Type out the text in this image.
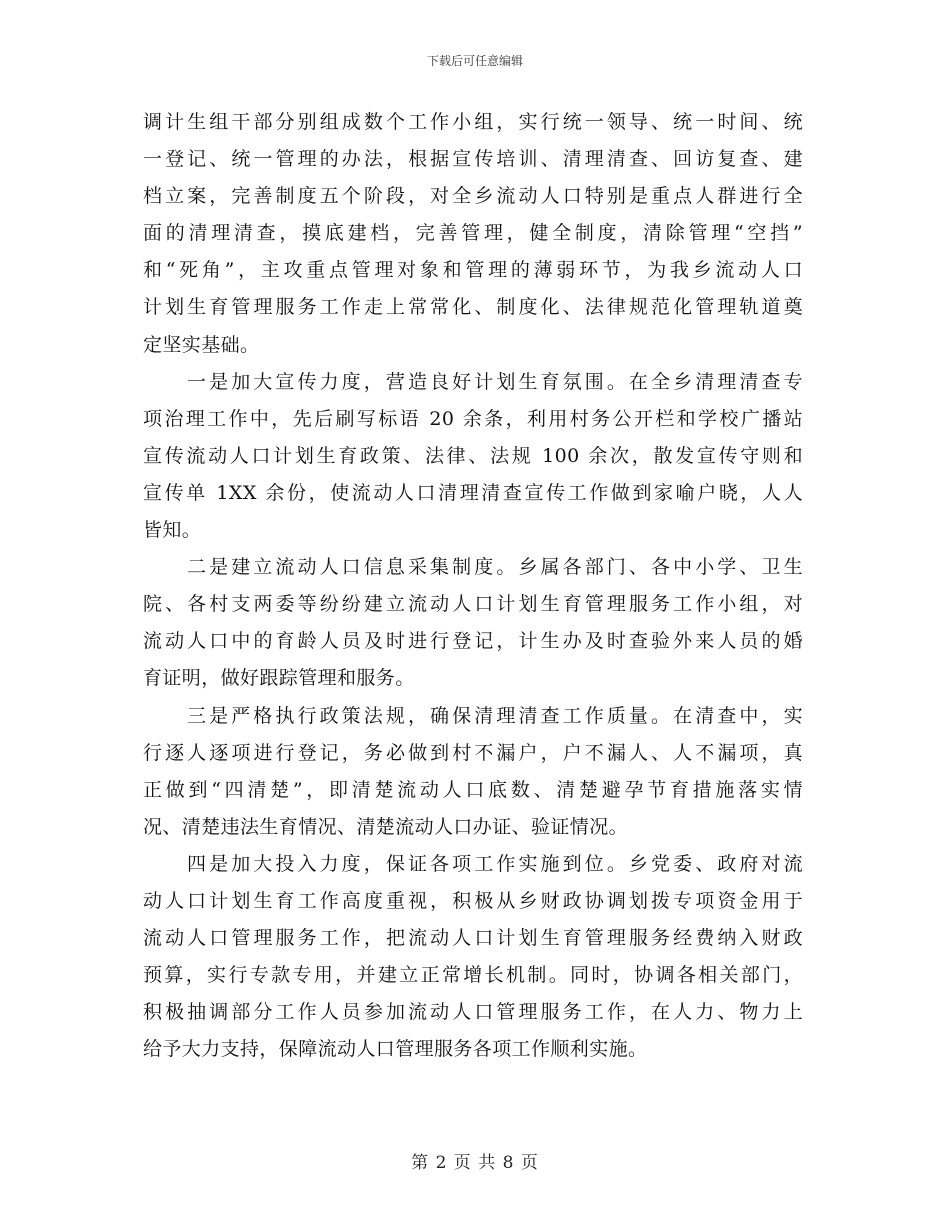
下载后可任意编辑
调计生组干部分别组成数个工作小组，实行统一领导、统一时间、统
一登记、统一管理的办法，根据宣传培训、清理清查、回访复查、建
档立案，完善制度五个阶段，对全乡流动人口特别是重点人群进行全
面的清理清查，摸底建档，完善管理，健全制度，清除管理“空挡”
和“死角”，主攻重点管理对象和管理的薄弱环节，为我乡流动人口
计划生育管理服务工作走上常常化、制度化、法律规范化管理轨道奠
定坚实基础。
一是加大宣传力度，营造良好计划生育氛围。在全乡清理清查专
项治理工作中，先后刷写标语 20 余条，利用村务公开栏和学校广播站
宣传流动人口计划生育政策、法律、法规 100 余次，散发宣传守则和
宣传单 1XX 余份，使流动人口清理清查宣传工作做到家喻户晓，人人
皆知。
二是建立流动人口信息采集制度。乡属各部门、各中小学、卫生
院、各村支两委等纷纷建立流动人口计划生育管理服务工作小组，对
流动人口中的育龄人员及时进行登记，计生办及时查验外来人员的婚
育证明，做好跟踪管理和服务。
三是严格执行政策法规，确保清理清查工作质量。在清查中，实
行逐人逐项进行登记，务必做到村不漏户，户不漏人、人不漏项，真
正做到“四清楚”，即清楚流动人口底数、清楚避孕节育措施落实情
况、清楚违法生育情况、清楚流动人口办证、验证情况。
四是加大投入力度，保证各项工作实施到位。乡党委、政府对流
动人口计划生育工作高度重视，积极从乡财政协调划拨专项资金用于
流动人口管理服务工作，把流动人口计划生育管理服务经费纳入财政
预算，实行专款专用，并建立正常增长机制。同时，协调各相关部门，
积极抽调部分工作人员参加流动人口管理服务工作，在人力、物力上
给予大力支持，保障流动人口管理服务各项工作顺利实施。
第 2 页 共 8 页
